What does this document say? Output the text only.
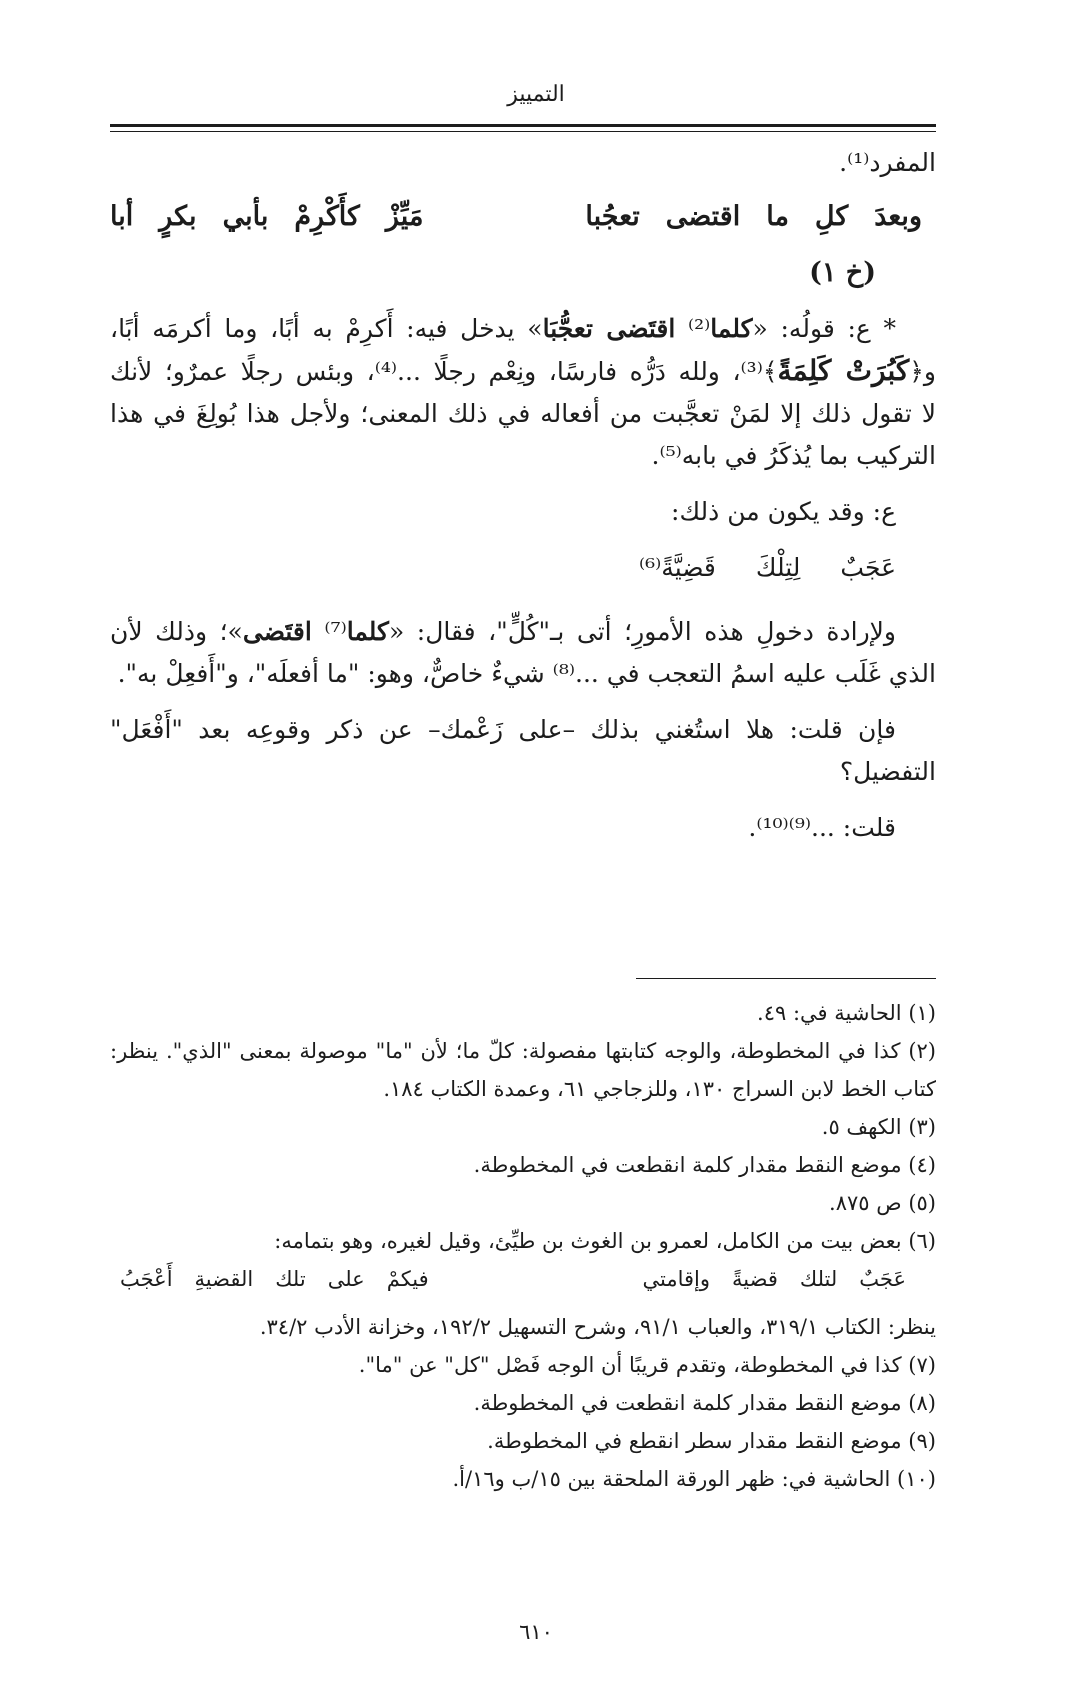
التمييز

المفرد⁽¹⁾.

وبعدَ
كلِ
ما
اقتضى
تعجُبا
مَيِّزْ
كأَكْرِمْ
بأبي
بكرٍ
أبا

(خ ١)

* ع: قولُه: «كلما⁽²⁾ اقتَضى تعجُّبَا» يدخل فيه: أَكرِمْ به أبًا، وما أكرمَه أبًا،

و﴿كَبُرَتْ كَلِمَةً﴾⁽³⁾، ولله دَرُّه فارسًا، ونِعْم رجلًا ...⁽⁴⁾، وبئس رجلًا عمرٌو؛ لأنك

لا تقول ذلك إلا لمَنْ تعجَّبت من أفعاله في ذلك المعنى؛ ولأجل هذا بُولِغَ في هذا

التركيب بما يُذكَرُ في بابه⁽⁵⁾.

ع: وقد يكون من ذلك:

عَجَبٌ
لِتِلْكَ
قَضِيَّةً⁽⁶⁾

ولإرادة دخولِ هذه الأمورِ؛ أتى بـ"كُلٍّ"، فقال: «كلما⁽⁷⁾ اقتَضى»؛ وذلك لأن

الذي غَلَب عليه اسمُ التعجب في ...⁽⁸⁾ شيءٌ خاصٌّ، وهو: "ما أفعلَه"، و"أَفعِلْ به".

فإن قلت: هلا استُغني بذلك –على زَعْمك– عن ذكر وقوعِه بعد "أَفْعَل"

التفضيل؟

قلت: ...⁽⁹⁾⁽¹⁰⁾.

(١) الحاشية في: ٤٩.

(٢) كذا في المخطوطة، والوجه كتابتها مفصولة: كلّ ما؛ لأن "ما" موصولة بمعنى "الذي". ينظر:

كتاب الخط لابن السراج ١٣٠، وللزجاجي ٦١، وعمدة الكتاب ١٨٤.

(٣) الكهف ٥.

(٤) موضع النقط مقدار كلمة انقطعت في المخطوطة.

(٥) ص ٨٧٥.

(٦) بعض بيت من الكامل، لعمرو بن الغوث بن طيِّئ، وقيل لغيره، وهو بتمامه:

عَجَبٌ
لتلك
قضيةً
وإقامتي
فيكمْ
على
تلك
القضيةِ
أَعْجَبُ

ينظر: الكتاب ٣١٩/١، والعباب ٩١/١، وشرح التسهيل ١٩٢/٢، وخزانة الأدب ٣٤/٢.

(٧) كذا في المخطوطة، وتقدم قريبًا أن الوجه فَصْل "كل" عن "ما".

(٨) موضع النقط مقدار كلمة انقطعت في المخطوطة.

(٩) موضع النقط مقدار سطر انقطع في المخطوطة.

(١٠) الحاشية في: ظهر الورقة الملحقة بين ١٥/ب و١٦/أ.

٦١٠
